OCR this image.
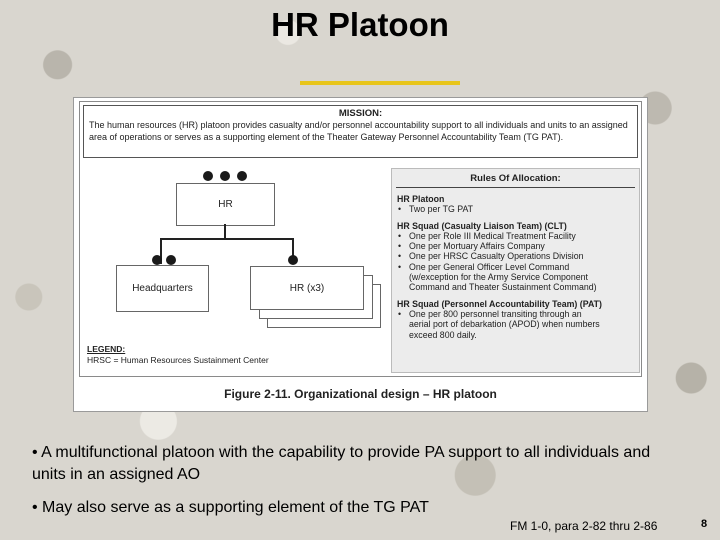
HR Platoon
MISSION:
The human resources (HR) platoon provides casualty and/or personnel accountability support to all individuals and units to an assigned area of operations or serves as a supporting element of the Theater Gateway Personnel Accountability Team (TG PAT).
HR
Headquarters	HR (x3)
Rules Of Allocation:
HR Platoon
• Two per TG PAT
HR Squad (Casualty Liaison Team) (CLT)
• One per Role III Medical Treatment Facility
• One per Mortuary Affairs Company
• One per HRSC Casualty Operations Division
• One per General Officer Level Command
(w/exception for the Army Service Component
Command and Theater Sustainment Command)
HR Squad (Personnel Accountability Team) (PAT)
• One per 800 personnel transiting through an
aerial port of debarkation (APOD) when numbers
exceed 800 daily.
LEGEND:
HRSC = Human Resources Sustainment Center
Figure 2-11. Organizational design – HR platoon
• A multifunctional platoon with the capability to provide PA support to all individuals and units in an assigned AO
• May also serve as a supporting element of the TG PAT
FM 1-0, para 2-82 thru 2-86	8
